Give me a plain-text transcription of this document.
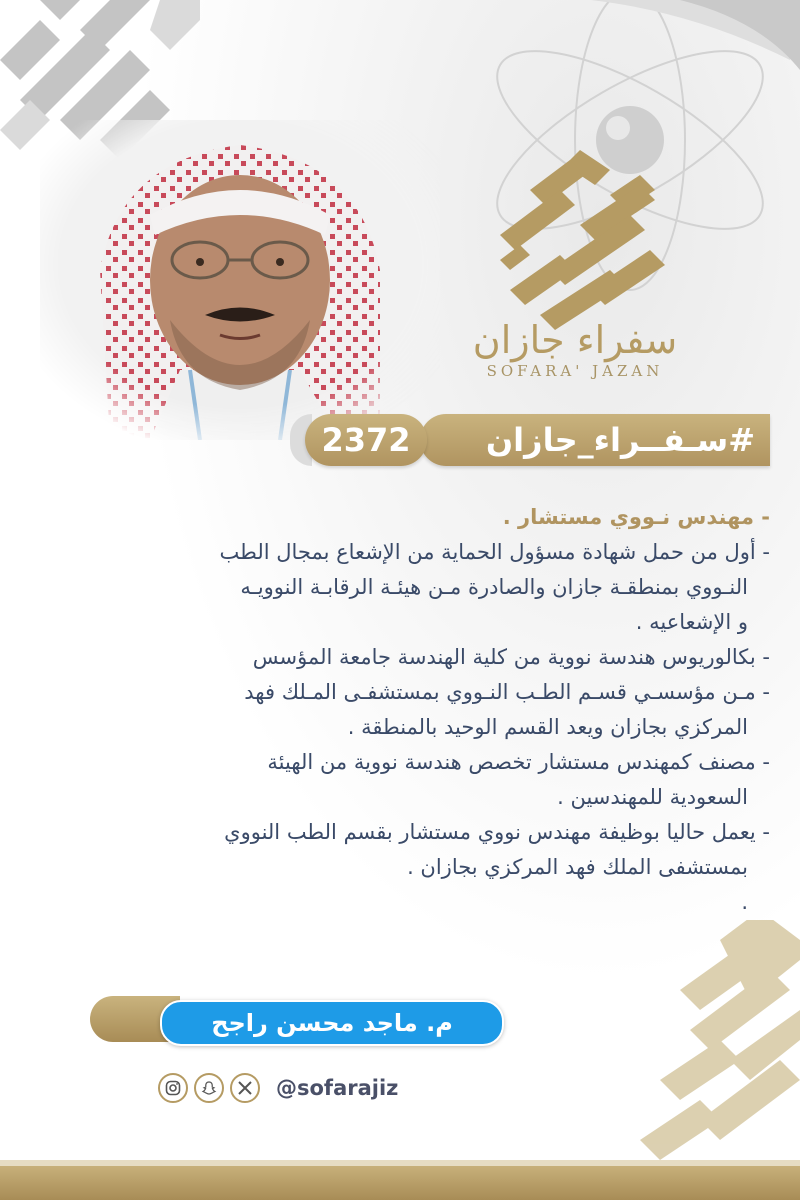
سفراء جازان
SOFARA' JAZAN
#سـفــراء_جازان
2372
- مهندس نـووي مستشار .
- أول من حمل شهادة مسؤول الحماية من الإشعاع بمجال الطب
النـووي بمنطقـة جازان والصادرة مـن هيئـة الرقابـة النوويـه
و الإشعاعيه .
- بكالوريوس هندسة نووية من كلية الهندسة جامعة المؤسس
- مـن مؤسسـي قسـم الطـب النـووي بمستشفـى المـلك فهد
المركزي بجازان ويعد القسم الوحيد بالمنطقة .
- مصنف كمهندس مستشار تخصص هندسة نووية من الهيئة
السعودية للمهندسين .
- يعمل حاليا بوظيفة مهندس نووي مستشار بقسم الطب النووي
بمستشفى الملك فهد المركزي بجازان .
.
م. ماجد محسن راجح
@sofarajiz
